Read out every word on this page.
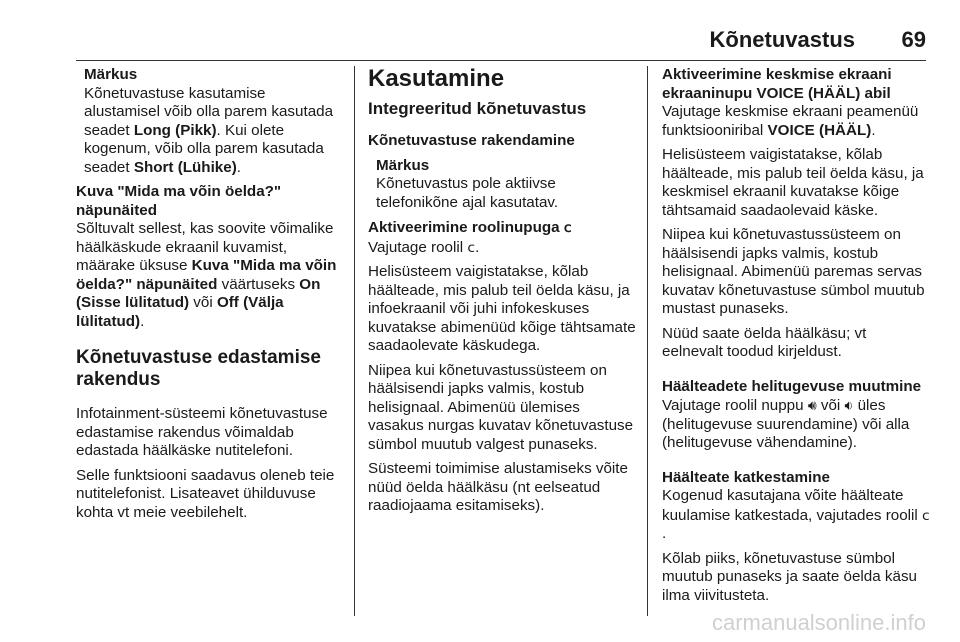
Kõnetuvastus 69
Märkus
Kõnetuvastuse kasutamise alustamisel võib olla parem kasutada seadet Long (Pikk). Kui olete kogenum, võib olla parem kasutada seadet Short (Lühike).
Kuva "Mida ma võin öelda?" näpunäited
Sõltuvalt sellest, kas soovite võimalike häälkäskude ekraanil kuvamist, määrake üksuse Kuva "Mida ma võin öelda?" näpunäited väärtuseks On (Sisse lülitatud) või Off (Välja lülitatud).
Kõnetuvastuse edastamise rakendus
Infotainment-süsteemi kõnetuvastuse edastamise rakendus võimaldab edastada häälkäske nutitelefoni.
Selle funktsiooni saadavus oleneb teie nutitelefonist. Lisateavet ühilduvuse kohta vt meie veebilehelt.
Kasutamine
Integreeritud kõnetuvastus
Kõnetuvastuse rakendamine
Märkus
Kõnetuvastus pole aktiivse telefonikõne ajal kasutatav.
Aktiveerimine roolinupuga 𝖼
Vajutage roolil 𝖼.
Helisüsteem vaigistatakse, kõlab häälteade, mis palub teil öelda käsu, ja infoekraanil või juhi infokeskuses kuvatakse abimenüüd kõige tähtsamate saadaolevate käskudega.
Niipea kui kõnetuvastussüsteem on häälsisendi japks valmis, kostub helisignaal. Abimenüü ülemises vasakus nurgas kuvatav kõnetuvastuse sümbol muutub valgest punaseks.
Süsteemi toimimise alustamiseks võite nüüd öelda häälkäsu (nt eelseatud raadiojaama esitamiseks).
Aktiveerimine keskmise ekraani ekraaninupu VOICE (HÄÄL) abil
Vajutage keskmise ekraani peamenüü funktsiooniribal VOICE (HÄÄL).
Helisüsteem vaigistatakse, kõlab häälteade, mis palub teil öelda käsu, ja keskmisel ekraanil kuvatakse kõige tähtsamaid saadaolevaid käske.
Niipea kui kõnetuvastussüsteem on häälsisendi japks valmis, kostub helisignaal. Abimenüü paremas servas kuvatav kõnetuvastuse sümbol muutub mustast punaseks.
Nüüd saate öelda häälkäsu; vt eelnevalt toodud kirjeldust.
Häälteadete helitugevuse muutmine
Vajutage roolil nuppu 🔊︎ või 🔉︎ üles (helitugevuse suurendamine) või alla (helitugevuse vähendamine).
Häälteate katkestamine
Kogenud kasutajana võite häälteate kuulamise katkestada, vajutades roolil 𝖼.
Kõlab piiks, kõnetuvastuse sümbol muutub punaseks ja saate öelda käsu ilma viivitusteta.
carmanualsonline.info
